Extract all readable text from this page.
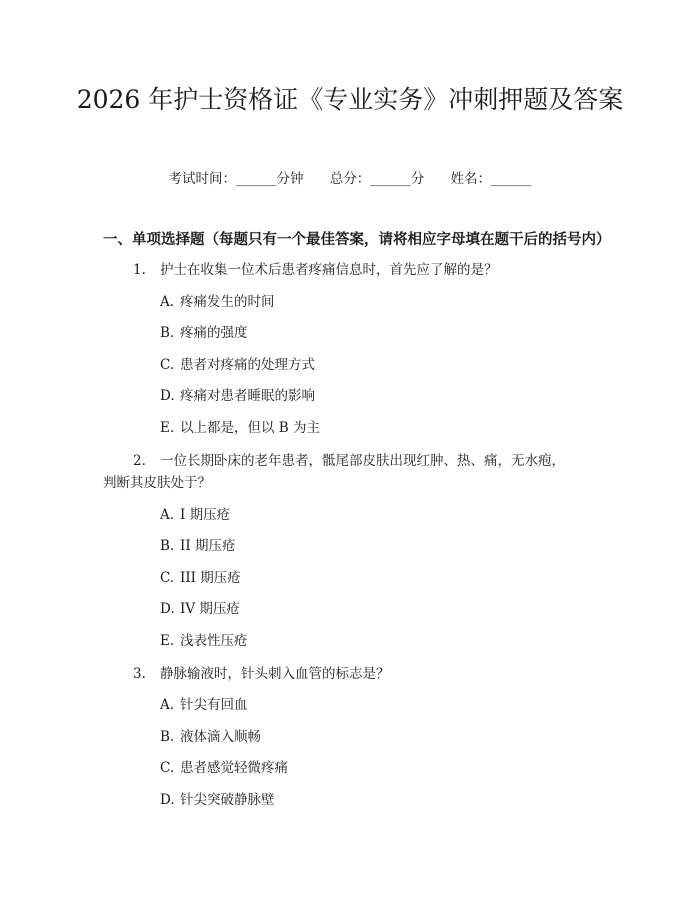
2026 年护士资格证《专业实务》冲刺押题及答案
考试时间：______分钟 总分：______分 姓名：______
一、单项选择题（每题只有一个最佳答案，请将相应字母填在题干后的括号内）
1. 护士在收集一位术后患者疼痛信息时，首先应了解的是？
A. 疼痛发生的时间
B. 疼痛的强度
C. 患者对疼痛的处理方式
D. 疼痛对患者睡眠的影响
E. 以上都是，但以 B 为主
2. 一位长期卧床的老年患者，骶尾部皮肤出现红肿、热、痛，无水疱，判断其皮肤处于？
A. I 期压疮
B. II 期压疮
C. III 期压疮
D. IV 期压疮
E. 浅表性压疮
3. 静脉输液时，针头刺入血管的标志是？
A. 针尖有回血
B. 液体滴入顺畅
C. 患者感觉轻微疼痛
D. 针尖突破静脉壁
